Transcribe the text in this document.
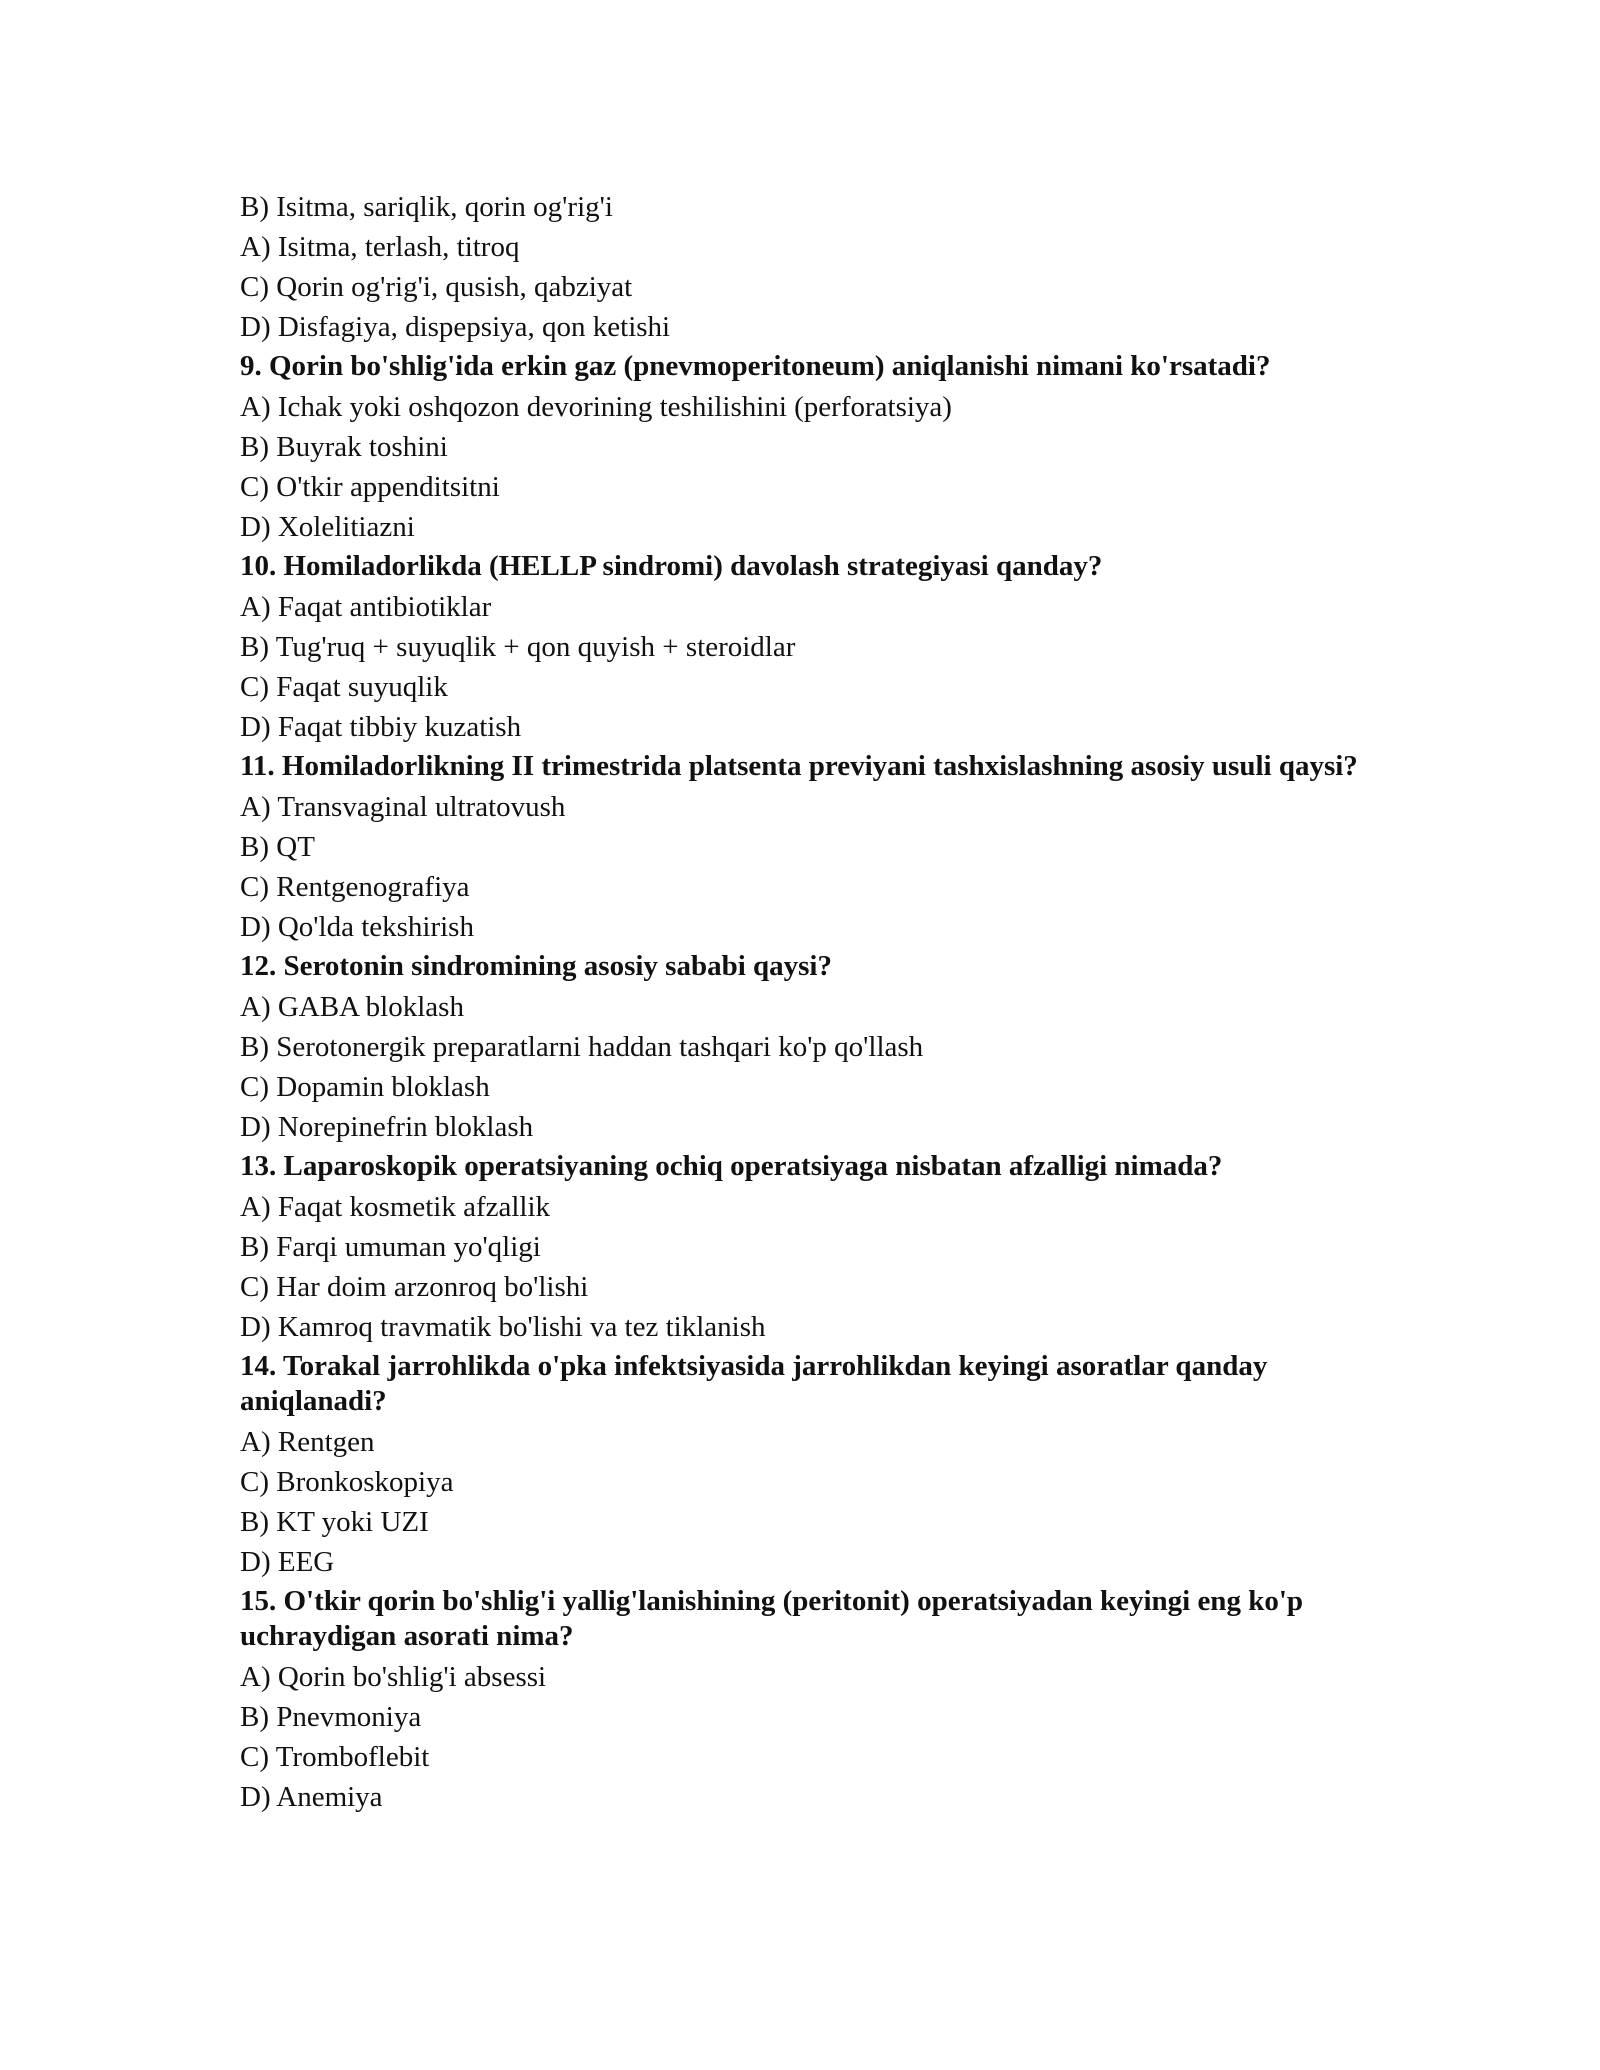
B) Isitma, sariqlik, qorin og'rig'i

A) Isitma, terlash, titroq

C) Qorin og'rig'i, qusish, qabziyat

D) Disfagiya, dispepsiya, qon ketishi

9. Qorin bo'shlig'ida erkin gaz (pnevmoperitoneum) aniqlanishi nimani ko'rsatadi?

A) Ichak yoki oshqozon devorining teshilishini (perforatsiya)

B) Buyrak toshini

C) O'tkir appenditsitni

D) Xolelitiazni

10. Homiladorlikda (HELLP sindromi) davolash strategiyasi qanday?

A) Faqat antibiotiklar

B) Tug'ruq + suyuqlik + qon quyish + steroidlar

C) Faqat suyuqlik

D) Faqat tibbiy kuzatish

11. Homiladorlikning II trimestrida platsenta previyani tashxislashning asosiy usuli qaysi?

A) Transvaginal ultratovush

B) QT

C) Rentgenografiya

D) Qo'lda tekshirish

12. Serotonin sindromining asosiy sababi qaysi?

A) GABA bloklash

B) Serotonergik preparatlarni haddan tashqari ko'p qo'llash

C) Dopamin bloklash

D) Norepinefrin bloklash

13. Laparoskopik operatsiyaning ochiq operatsiyaga nisbatan afzalligi nimada?

A) Faqat kosmetik afzallik

B) Farqi umuman yo'qligi

C) Har doim arzonroq bo'lishi

D) Kamroq travmatik bo'lishi va tez tiklanish

14. Torakal jarrohlikda o'pka infektsiyasida jarrohlikdan keyingi asoratlar qanday aniqlanadi?

A) Rentgen

C) Bronkoskopiya

B) KT yoki UZI

D) EEG

15. O'tkir qorin bo'shlig'i yallig'lanishining (peritonit) operatsiyadan keyingi eng ko'p uchraydigan asorati nima?

A) Qorin bo'shlig'i absessi

B) Pnevmoniya

C) Tromboflebit

D) Anemiya
